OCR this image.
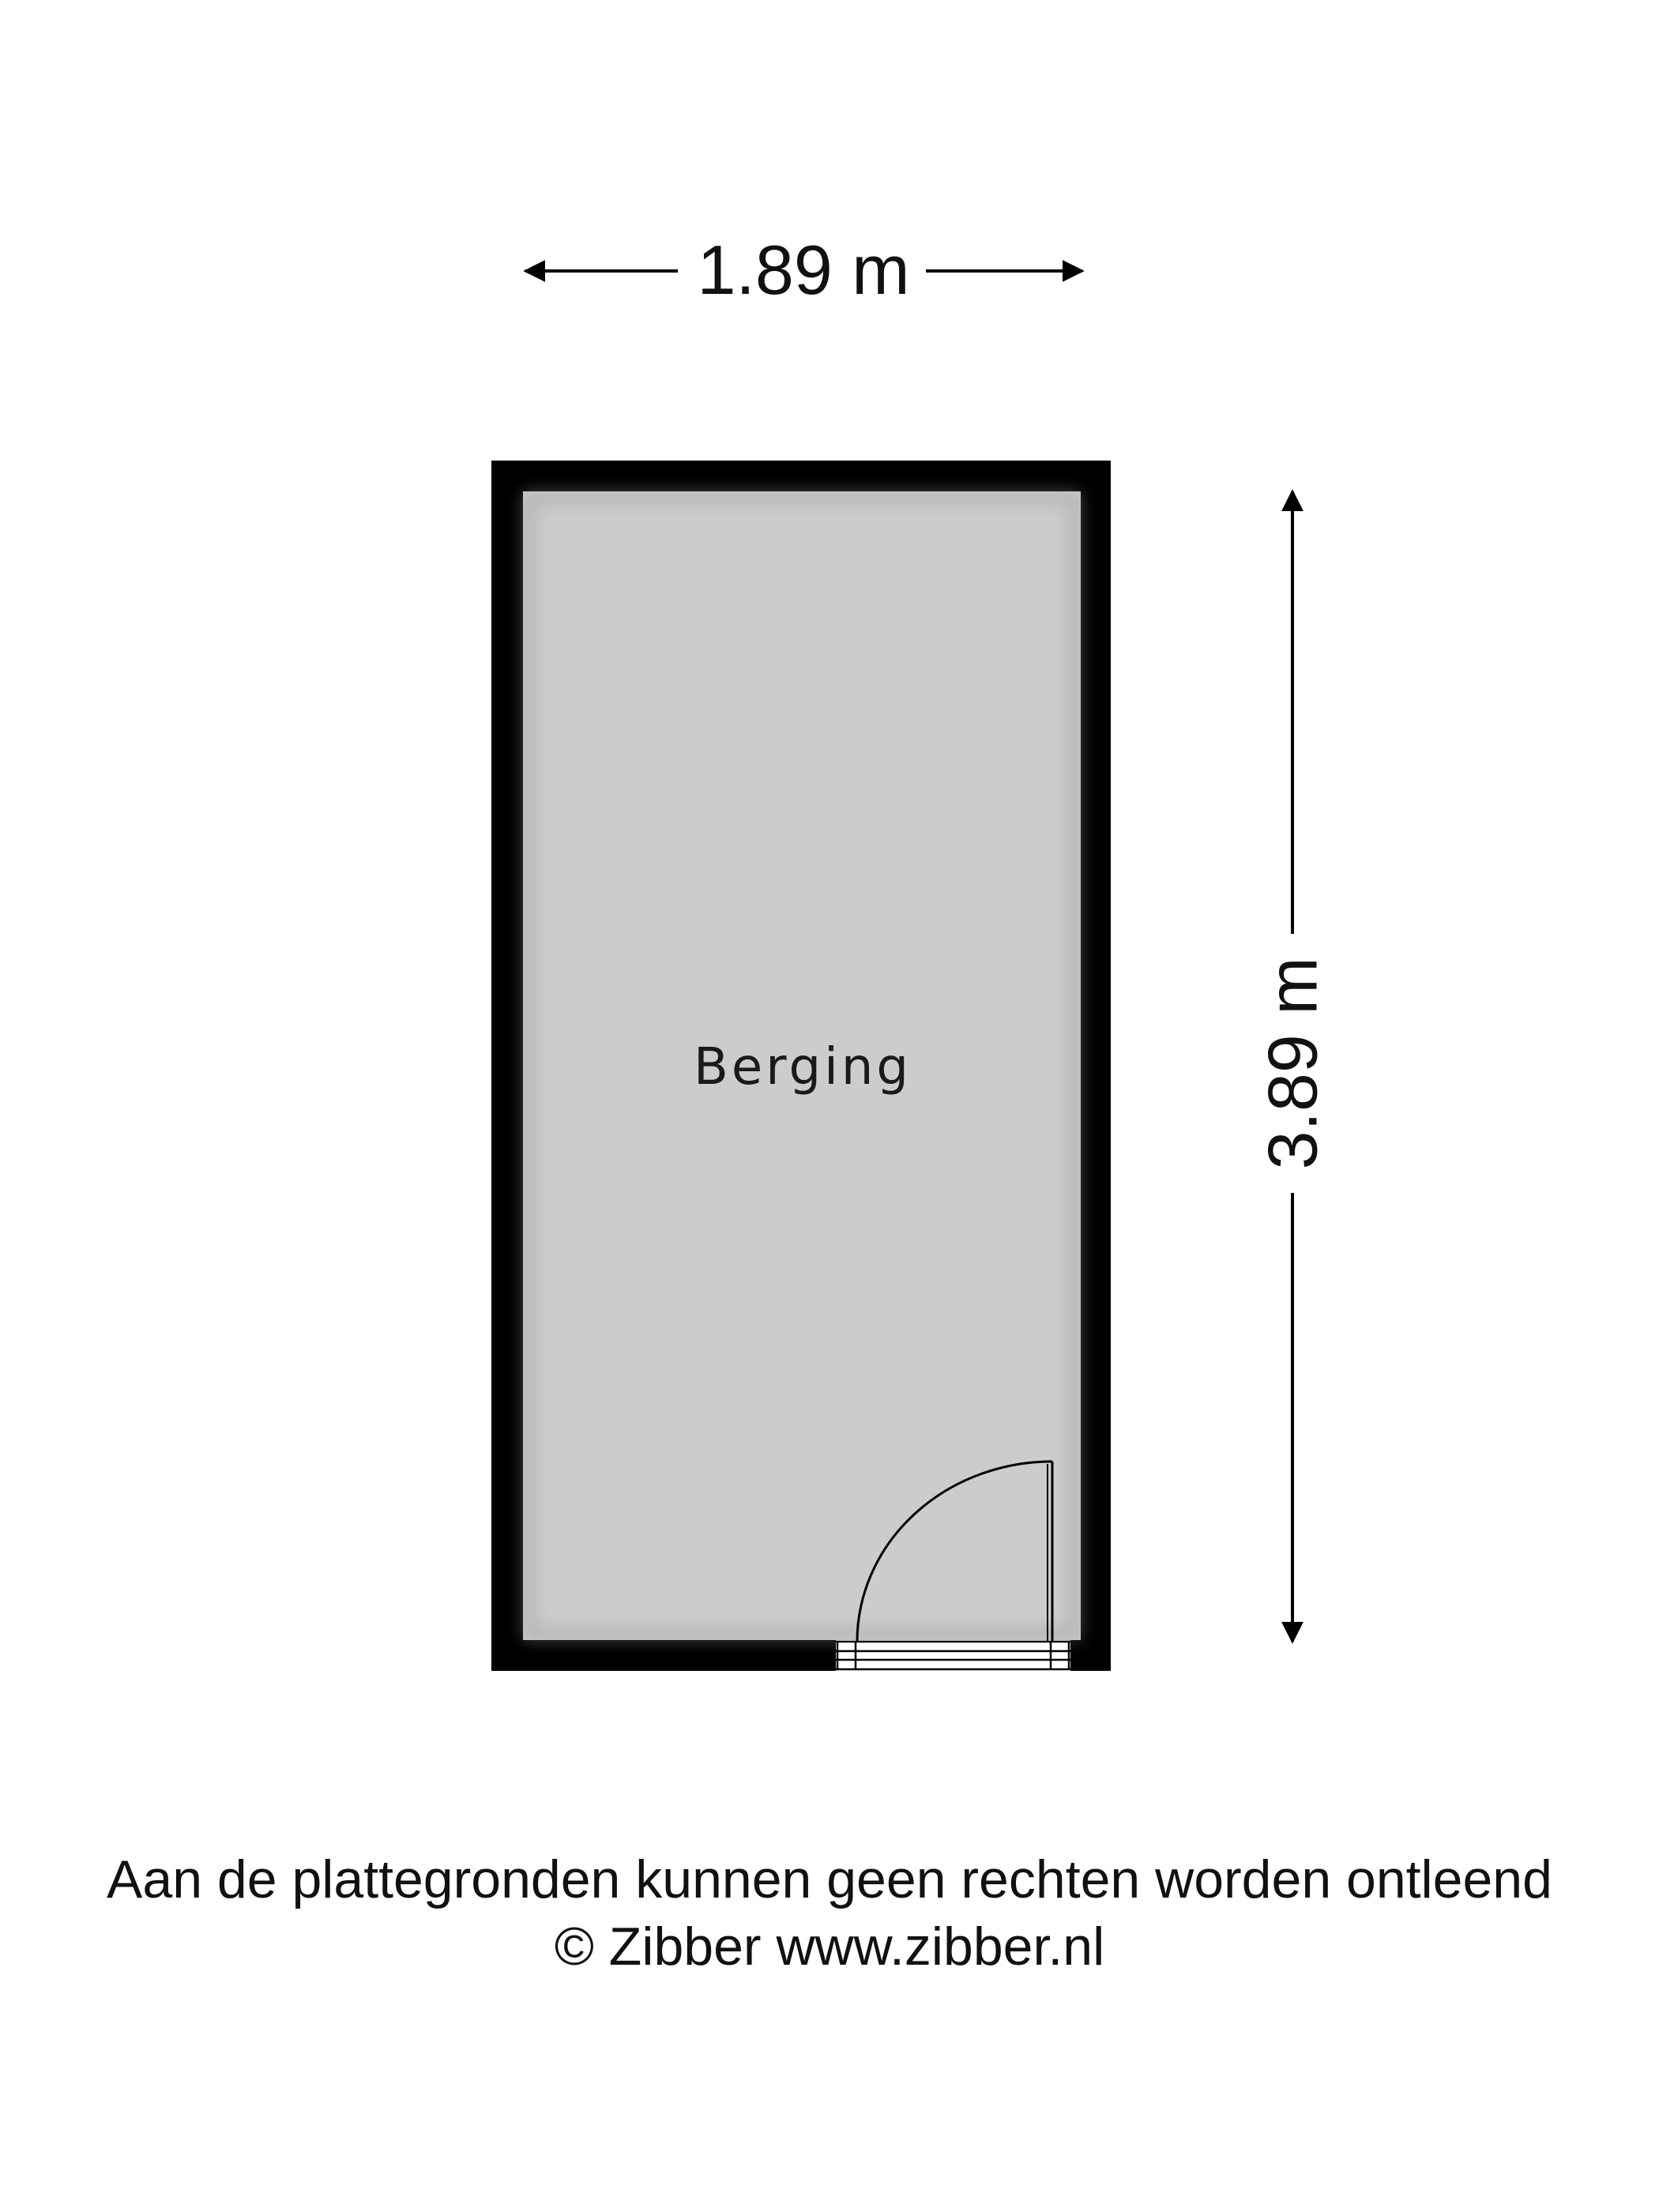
1.89 m
3.89 m
Berging
Aan de plattegronden kunnen geen rechten worden ontleend
© Zibber www.zibber.nl
